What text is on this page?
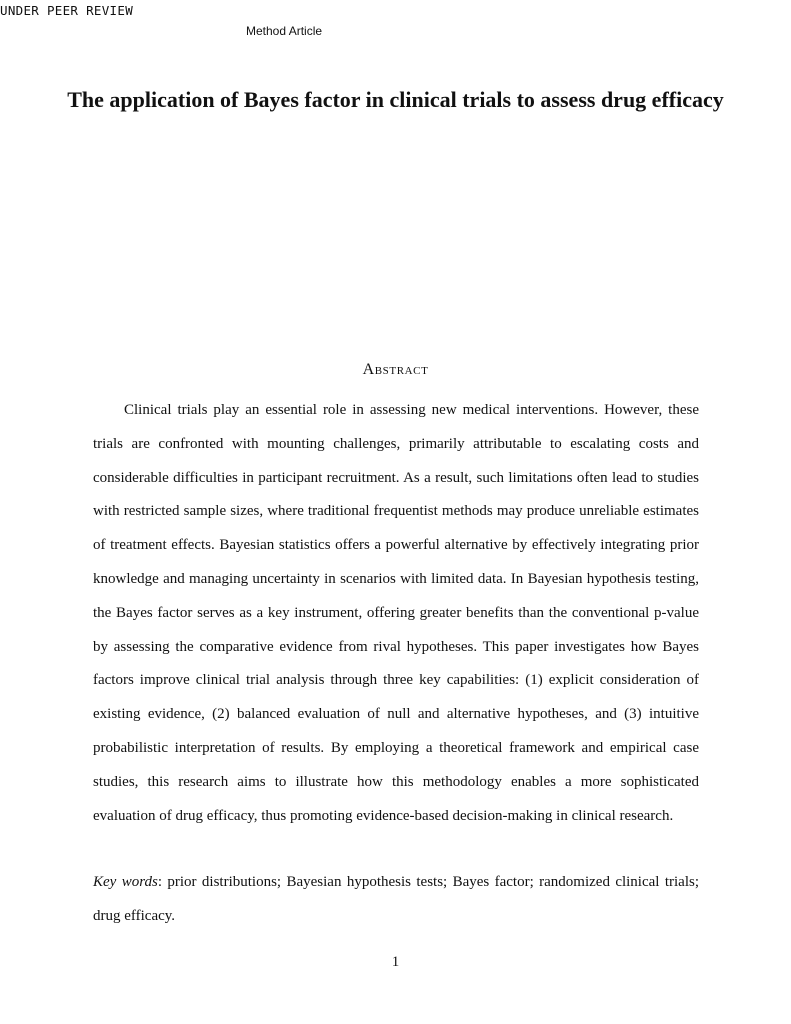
UNDER PEER REVIEW
Method Article
The application of Bayes factor in clinical trials to assess drug efficacy
Abstract

Clinical trials play an essential role in assessing new medical interventions. However, these trials are confronted with mounting challenges, primarily attributable to escalating costs and considerable difficulties in participant recruitment. As a result, such limitations often lead to studies with restricted sample sizes, where traditional frequentist methods may produce unreliable estimates of treatment effects. Bayesian statistics offers a powerful alternative by effectively integrating prior knowledge and managing uncertainty in scenarios with limited data. In Bayesian hypothesis testing, the Bayes factor serves as a key instrument, offering greater benefits than the conventional p-value by assessing the comparative evidence from rival hypotheses. This paper investigates how Bayes factors improve clinical trial analysis through three key capabilities: (1) explicit consideration of existing evidence, (2) balanced evaluation of null and alternative hypotheses, and (3) intuitive probabilistic interpretation of results. By employing a theoretical framework and empirical case studies, this research aims to illustrate how this methodology enables a more sophisticated evaluation of drug efficacy, thus promoting evidence-based decision-making in clinical research.

Key words: prior distributions; Bayesian hypothesis tests; Bayes factor; randomized clinical trials; drug efficacy.

1
